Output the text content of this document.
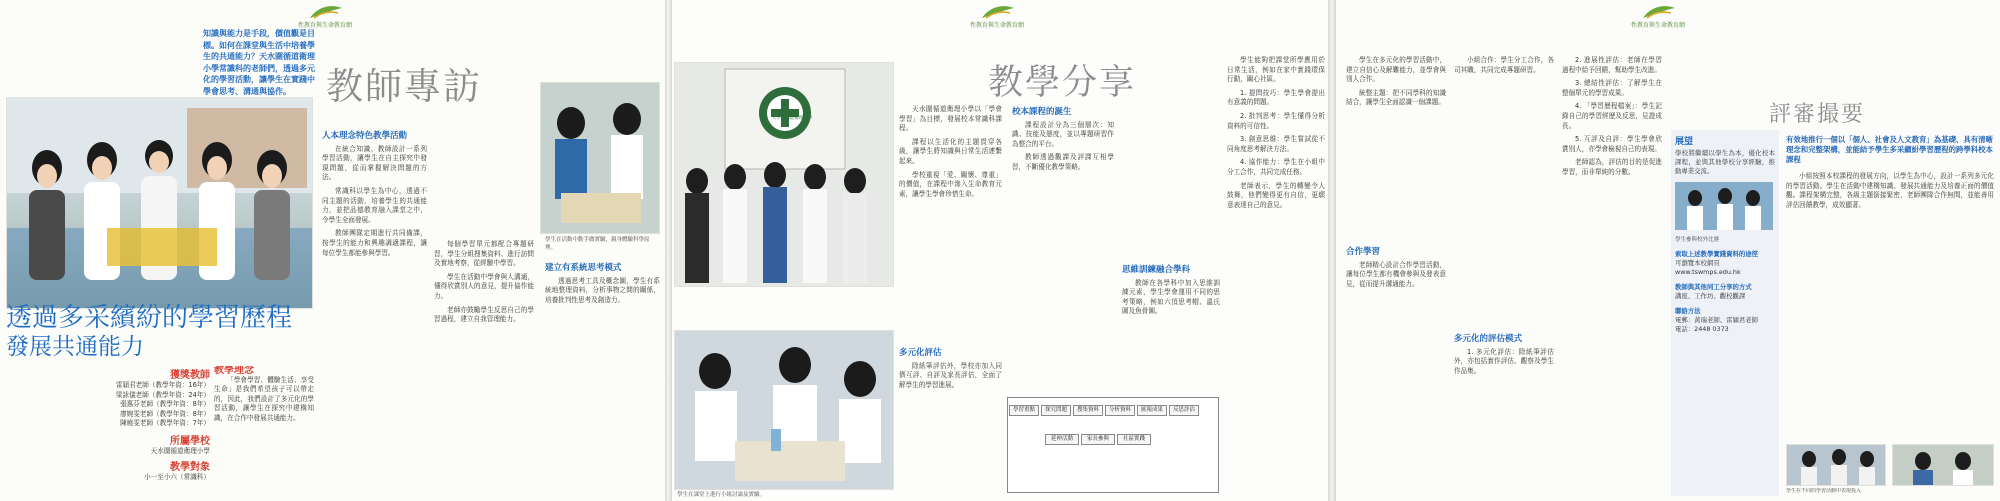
性教育與生命教育網
教師專訪
知識與能力是手段，價值觀是目標。如何在課堂與生活中培養學生的共通能力？天水圍循道衛理小學常識科的老師們，透過多元化的學習活動，讓學生在實踐中學會思考、溝通與協作。
透過多采繽紛的學習歷程
發展共通能力
獲獎教師
雷穎君老師（教學年資：16年）
梁詠儀老師（教學年資：24年）
張惠芬老師（教學年資：8年）
廖婉雯老師（教學年資：8年）
陳曉雯老師（教學年資：7年）
所屬學校
天水圍循道衛理小學
教學對象
小一至小六（常識科）
教學理念

「學會學習、體驗生活、享受生命」是我們希望孩子可以帶走的，因此，我們設計了多元化的學習活動，讓學生在探究中建構知識，在合作中發展共通能力。

人本理念特色教學活動

在統合知識、教師設計一系列學習活動，讓學生在自主探究中發現問題，從而掌握解決問題的方法。

常識科以學生為中心，透過不同主題的活動，培養學生的共通能力，並把品德教育融入課堂之中，令學生全面發展。

教師團隊定期進行共同備課，按學生的能力和興趣調適課程，讓每位學生都能參與學習。

學生在活動中動手做實驗，親身體驗科學原理。

每個學習單元都配合專題研習，學生分組搜集資料、進行訪問及實地考察，從經驗中學習。

學生在活動中學會與人溝通，懂得欣賞別人的意見，提升協作能力。

老師亦鼓勵學生反思自己的學習過程，建立自我管理能力。

建立有系統思考模式

透過思考工具及概念圖，學生有系統地整理資料，分析事物之間的關係，培養批判性思考及創造力。

性教育與生命教育網
天水圍循道衛理小學

天水圍循道衛理小學以「學會學習」為目標，發展校本常識科課程。

課程以生活化的主題貫穿各級，讓學生將知識與日常生活連繫起來。

學校重視「愛、關懷、尊重」的價值，在課程中滲入生命教育元素，讓學生學會珍惜生命。

教學分享
校本課程的誕生

課程設計分為三個層次：知識、技能及態度，並以專題研習作為整合的平台。

教師透過觀課及評課互相學習，不斷優化教學策略。

學生在課堂上進行小組討論及實驗。
多元化評估

除紙筆評估外，學校亦加入同儕互評、自評及家長評估，全面了解學生的學習進展。

學習重點	探究問題	搜集資料	分析資料	匯報成果	反思評估
延伸活動	家長參與	社區實踐
思維訓練融合學科

教師在各學科中加入思維訓練元素，學生學會運用不同的思考策略，例如六頂思考帽、溫氏圖及魚骨圖。

學生能夠把課堂所學應用於日常生活，例如在家中實踐環保行動，關心社區。

1. 提問技巧：學生學會提出有意義的問題。

2. 批判思考：學生懂得分析資料的可信性。

3. 創意思維：學生嘗試從不同角度思考解決方法。

4. 協作能力：學生在小組中分工合作，共同完成任務。

老師表示，學生的轉變令人鼓舞，他們變得更有自信，更願意表達自己的意見。

性教育與生命教育網

學生在多元化的學習活動中，建立自信心及解難能力，並學會與別人合作。

統整主題：把不同學科的知識結合，讓學生全面認識一個課題。

合作學習

老師精心設計合作學習活動，讓每位學生都有機會參與及發表意見，從而提升溝通能力。

小組合作：學生分工合作，各司其職，共同完成專題研習。

多元化的評估模式

1. 多元化評估：除紙筆評估外，亦包括實作評估、觀察及學生作品集。

2. 進展性評估：老師在學習過程中給予回饋，幫助學生改進。

3. 總結性評估：了解學生在整個單元的學習成果。

4. 「學習歷程檔案」：學生記錄自己的學習經歷及反思，見證成長。

5. 互評及自評：學生學會欣賞別人，亦學會檢視自己的表現。

老師認為，評估的目的是促進學習，而非單純的分數。

評審撮要
有效地推行一個以「個人、社會及人文教育」為基礎、具有清晰理念和完整架構，並能結予學生多采繽紛學習歷程的跨學科校本課程

小組按照本校課程的發展方向，以學生為中心，設計一系列多元化的學習活動。學生在活動中建構知識、發展共通能力及培養正面的價值觀。課程架構完整，各級主題銜接緊密，老師團隊合作無間，並能善用評估回饋教學，成效顯著。

展望
學校將繼續以學生為本，優化校本課程，並與其他學校分享經驗，推動專業交流。
學生參與校外比賽
索取上述教學實踐資料的途徑
可瀏覽本校網頁
www.tswmps.edu.hk
教師與其他同工分享的方式
講座、工作坊、觀校觀課
聯絡方法
電郵：黃瑞老師、雷穎君老師
電話：2448 0373
學生在不同的學習活動中表現投入
